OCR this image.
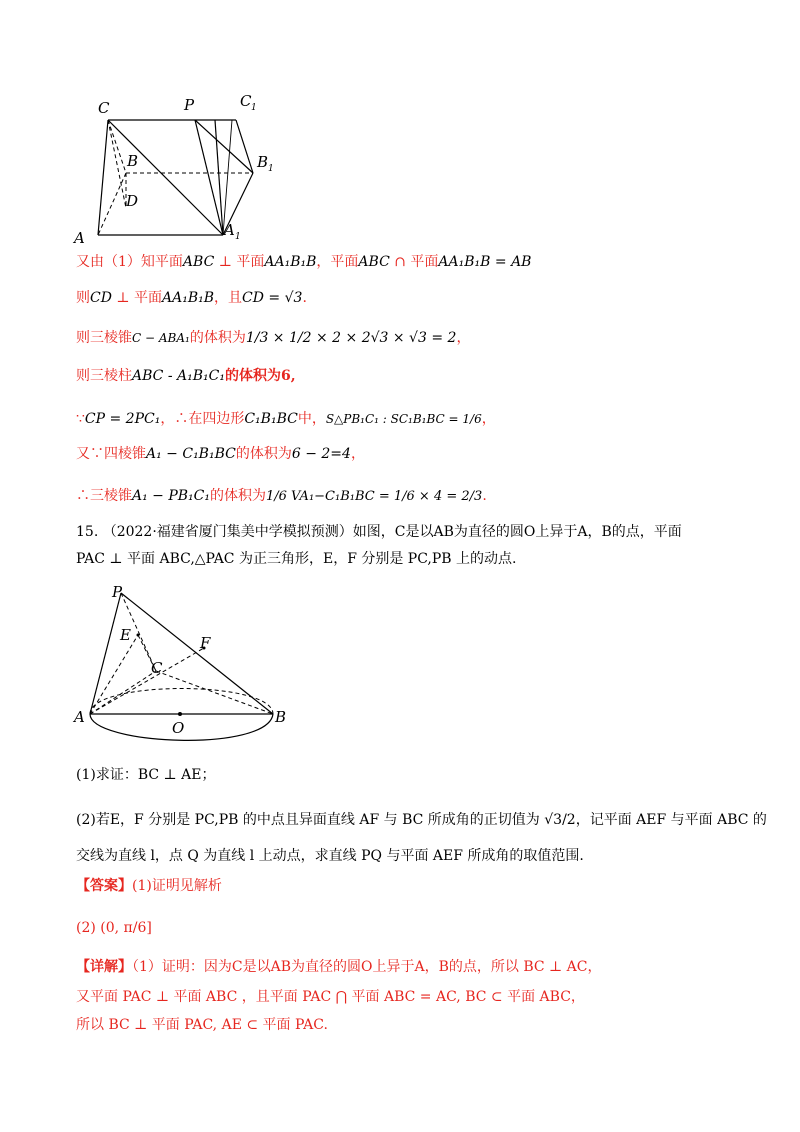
C	P	C 1
B	B 1
D
A	A 1
又由（1）知平面ABC ⊥ 平面AA₁B₁B，平面ABC ∩ 平面AA₁B₁B = AB
则CD ⊥ 平面AA₁B₁B，且CD = √3.
则三棱锥C − ABA₁的体积为1/3 × 1/2 × 2 × 2√3 × √3 = 2，
则三棱柱ABC - A₁B₁C₁的体积为6,
∵CP = 2PC₁，∴在四边形C₁B₁BC中，S△PB₁C₁ : SC₁B₁BC = 1/6，
又∵四棱锥A₁ − C₁B₁BC的体积为6 − 2=4，
∴三棱锥A₁ − PB₁C₁的体积为1/6 VA₁−C₁B₁BC = 1/6 × 4 = 2/3.
15. （2022·福建省厦门集美中学模拟预测）如图，C是以AB为直径的圆O上异于A，B的点，平面
PAC ⊥ 平面 ABC,△PAC 为正三角形，E，F 分别是 PC,PB 上的动点.
P
E	F
C
A
O
B
(1)求证：BC ⊥ AE；
(2)若E，F 分别是 PC,PB 的中点且异面直线 AF 与 BC 所成角的正切值为 √3/2，记平面 AEF 与平面 ABC 的
交线为直线 l，点 Q 为直线 l 上动点，求直线 PQ 与平面 AEF 所成角的取值范围.
【答案】(1)证明见解析
(2) (0, π/6]
【详解】（1）证明：因为C是以AB为直径的圆O上异于A，B的点，所以 BC ⊥ AC，
又平面 PAC ⊥ 平面 ABC ，且平面 PAC ⋂ 平面 ABC = AC, BC ⊂ 平面 ABC，
所以 BC ⊥ 平面 PAC, AE ⊂ 平面 PAC.
